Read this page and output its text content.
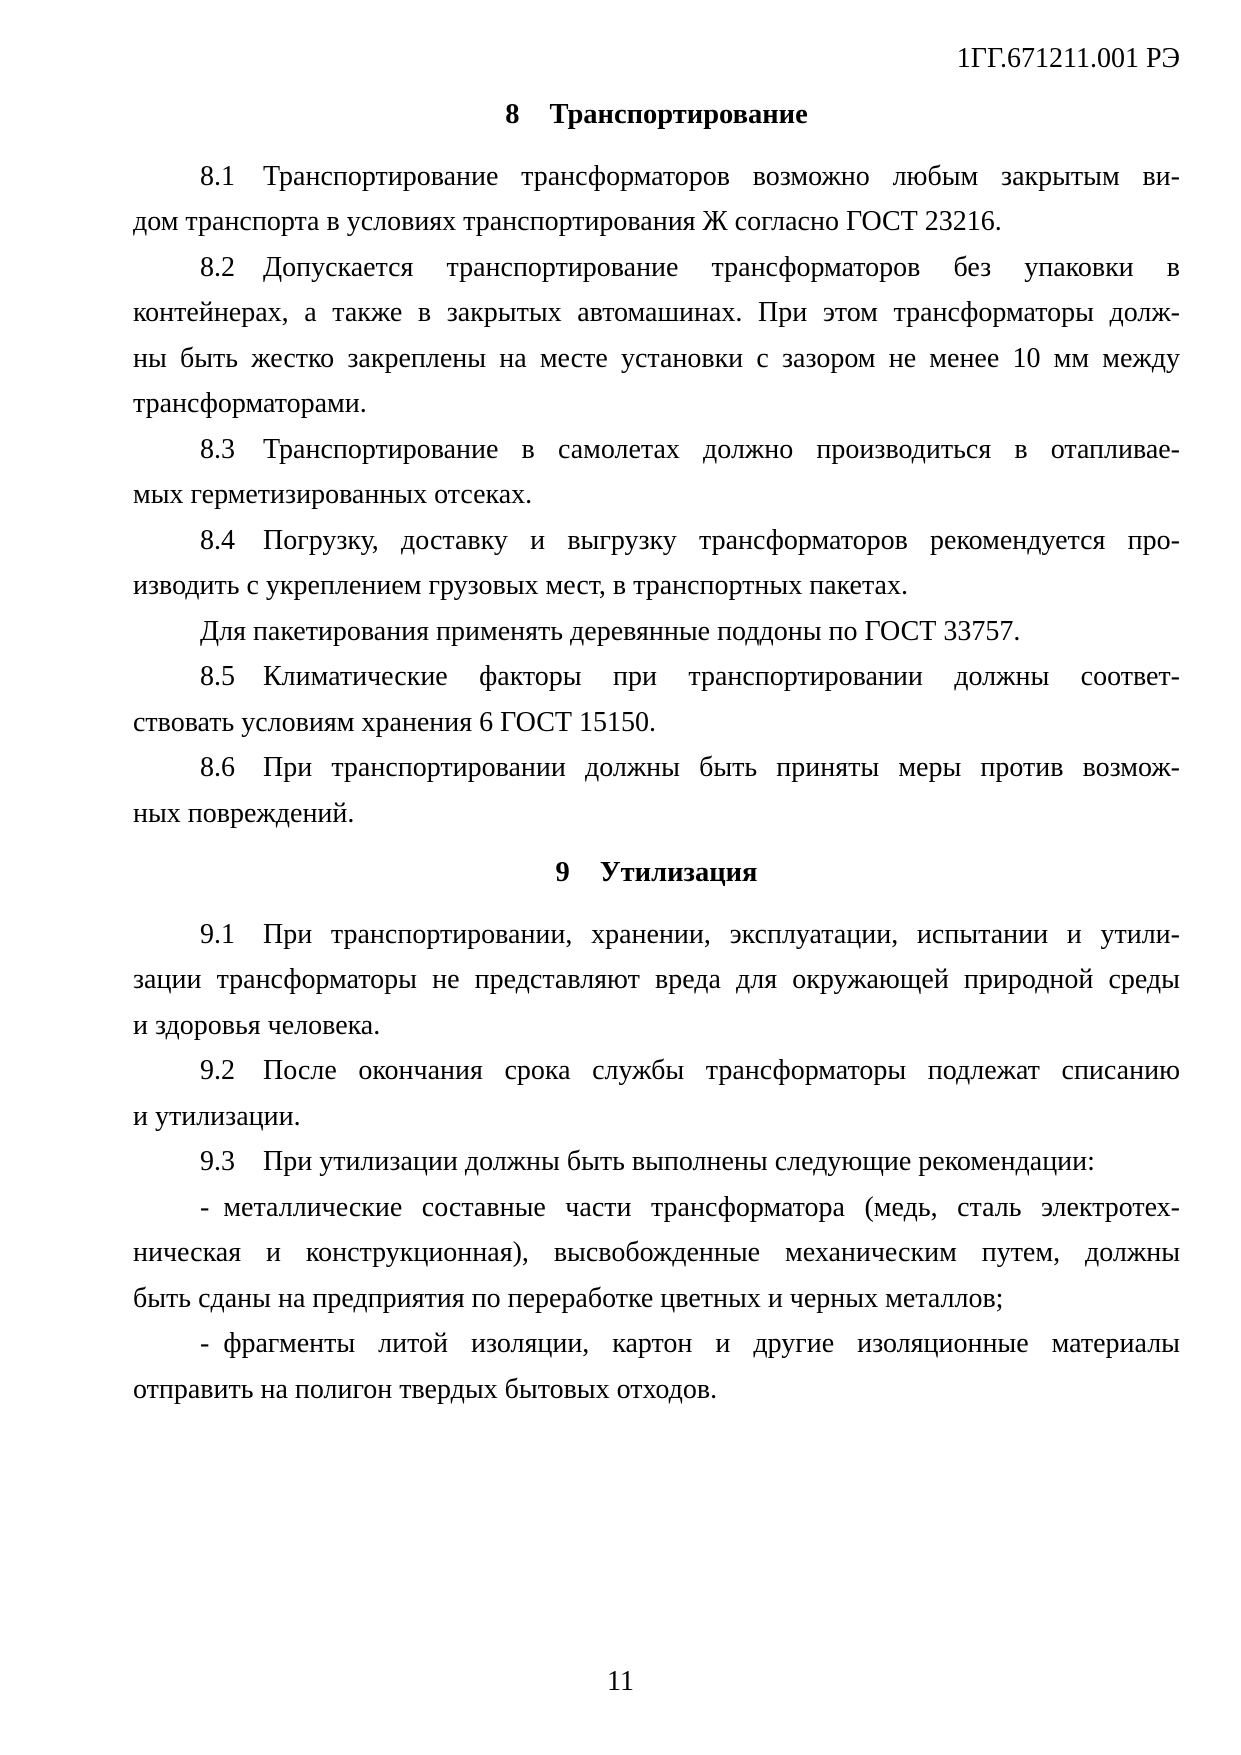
1ГГ.671211.001 РЭ
8 Транспортирование
8.1 Транспортирование трансформаторов возможно любым закрытым ви-
дом транспорта в условиях транспортирования Ж согласно ГОСТ 23216.
8.2 Допускается транспортирование трансформаторов без упаковки в
контейнерах, а также в закрытых автомашинах. При этом трансформаторы долж-
ны быть жестко закреплены на месте установки с зазором не менее 10 мм между
трансформаторами.
8.3 Транспортирование в самолетах должно производиться в отапливае-
мых герметизированных отсеках.
8.4 Погрузку, доставку и выгрузку трансформаторов рекомендуется про-
изводить с укреплением грузовых мест, в транспортных пакетах.
Для пакетирования применять деревянные поддоны по ГОСТ 33757.
8.5 Климатические факторы при транспортировании должны соответ-
ствовать условиям хранения 6 ГОСТ 15150.
8.6 При транспортировании должны быть приняты меры против возмож-
ных повреждений.
9 Утилизация
9.1 При транспортировании, хранении, эксплуатации, испытании и утили-
зации трансформаторы не представляют вреда для окружающей природной среды
и здоровья человека.
9.2 После окончания срока службы трансформаторы подлежат списанию
и утилизации.
9.3 При утилизации должны быть выполнены следующие рекомендации:
- металлические составные части трансформатора (медь, сталь электротех-
ническая и конструкционная), высвобожденные механическим путем, должны
быть сданы на предприятия по переработке цветных и черных металлов;
- фрагменты литой изоляции, картон и другие изоляционные материалы
отправить на полигон твердых бытовых отходов.
11
